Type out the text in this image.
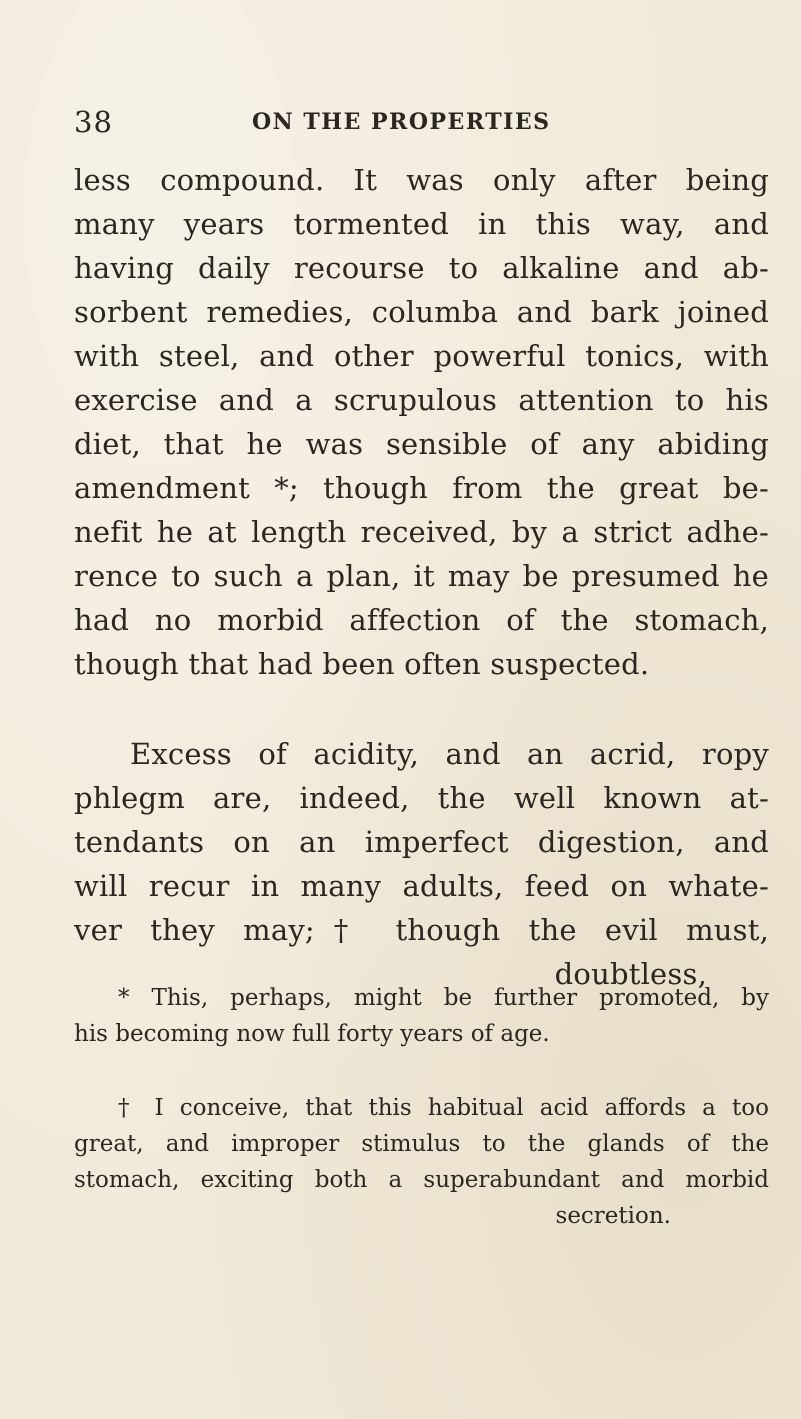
38	ON THE PROPERTIES
less compound. It was only after being
many years tormented in this way, and
having daily recourse to alkaline and ab-
sorbent remedies, columba and bark joined
with steel, and other powerful tonics, with
exercise and a scrupulous attention to his
diet, that he was sensible of any abiding
amendment *; though from the great be-
nefit he at length received, by a strict adhe-
rence to such a plan, it may be presumed he
had no morbid affection of the stomach,
though that had been often suspected.
Excess of acidity, and an acrid, ropy
phlegm are, indeed, the well known at-
tendants on an imperfect digestion, and
will recur in many adults, feed on whate-
ver they may;† though the evil must,
doubtless,
* This, perhaps, might be further promoted, by
his becoming now full forty years of age.
† I conceive, that this habitual acid affords a too
great, and improper stimulus to the glands of the
stomach, exciting both a superabundant and morbid
secretion.
